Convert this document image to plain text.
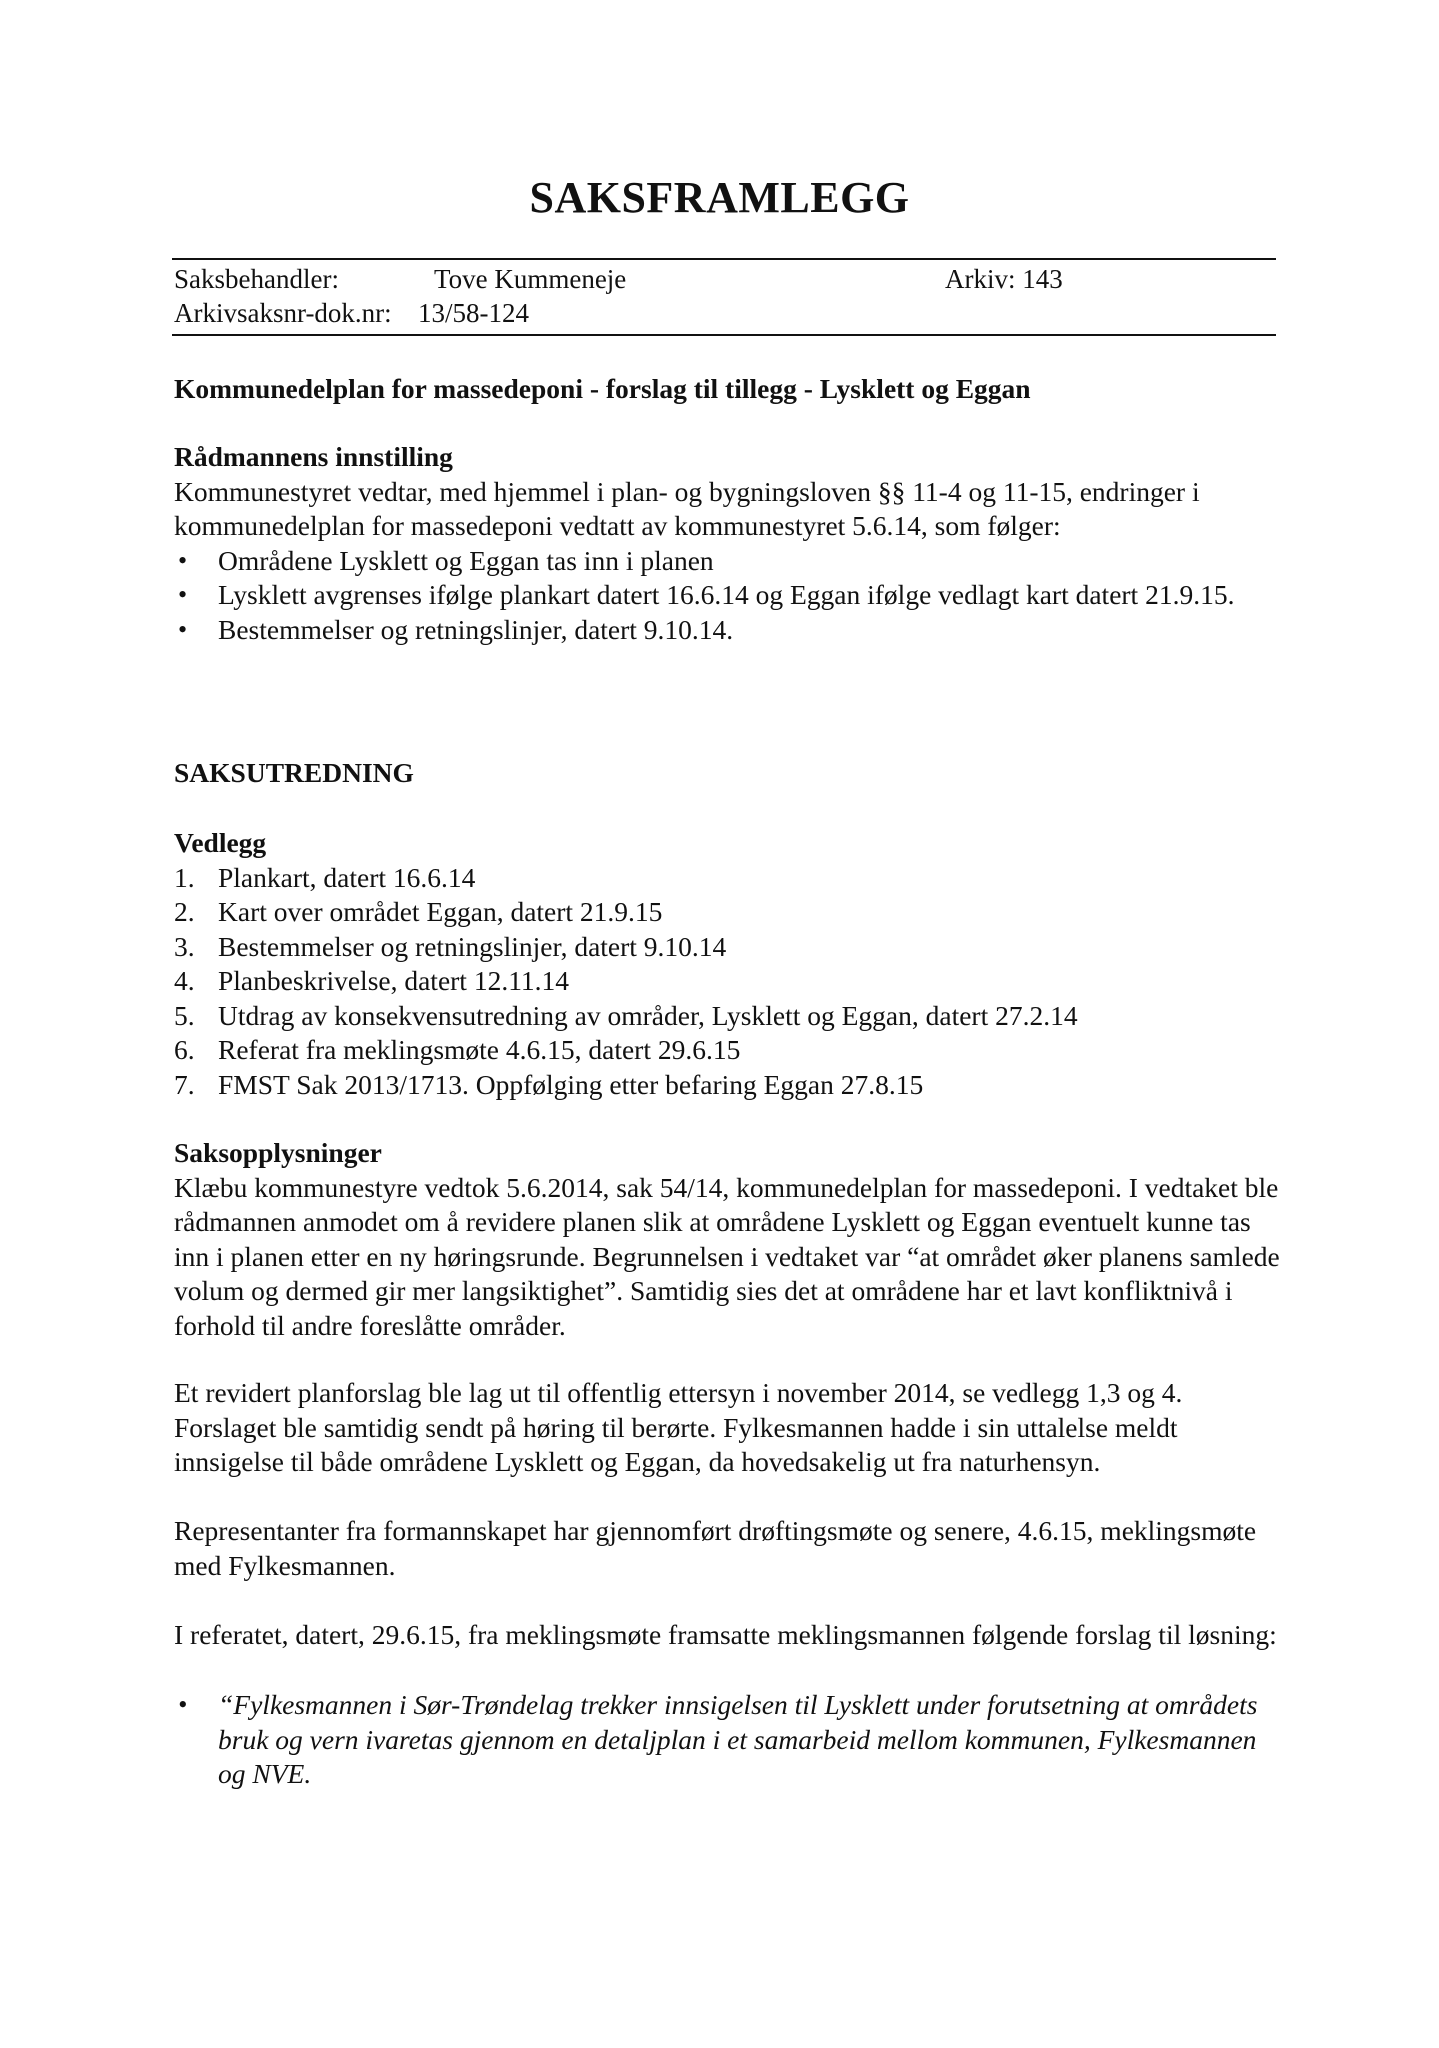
SAKSFRAMLEGG
Saksbehandler:	Tove Kummeneje	Arkiv: 143
Arkivsaksnr-dok.nr: 13/58-124
Kommunedelplan for massedeponi - forslag til tillegg - Lysklett og Eggan
Rådmannens innstilling

Kommunestyret vedtar, med hjemmel i plan- og bygningsloven §§ 11-4 og 11-15, endringer i kommunedelplan for massedeponi vedtatt av kommunestyret 5.6.14, som følger:

• Områdene Lysklett og Eggan tas inn i planen
• Lysklett avgrenses ifølge plankart datert 16.6.14 og Eggan ifølge vedlagt kart datert 21.9.15.
• Bestemmelser og retningslinjer, datert 9.10.14.
SAKSUTREDNING
Vedlegg
1. Plankart, datert 16.6.14
2. Kart over området Eggan, datert 21.9.15
3. Bestemmelser og retningslinjer, datert 9.10.14
4. Planbeskrivelse, datert 12.11.14
5. Utdrag av konsekvensutredning av områder, Lysklett og Eggan, datert 27.2.14
6. Referat fra meklingsmøte 4.6.15, datert 29.6.15
7. FMST Sak 2013/1713. Oppfølging etter befaring Eggan 27.8.15
Saksopplysninger

Klæbu kommunestyre vedtok 5.6.2014, sak 54/14, kommunedelplan for massedeponi. I vedtaket ble rådmannen anmodet om å revidere planen slik at områdene Lysklett og Eggan eventuelt kunne tas inn i planen etter en ny høringsrunde. Begrunnelsen i vedtaket var “at området øker planens samlede volum og dermed gir mer langsiktighet”. Samtidig sies det at områdene har et lavt konfliktnivå i forhold til andre foreslåtte områder.

Et revidert planforslag ble lag ut til offentlig ettersyn i november 2014, se vedlegg 1,3 og 4. Forslaget ble samtidig sendt på høring til berørte. Fylkesmannen hadde i sin uttalelse meldt innsigelse til både områdene Lysklett og Eggan, da hovedsakelig ut fra naturhensyn.
Representanter fra formannskapet har gjennomført drøftingsmøte og senere, 4.6.15, meklingsmøte med Fylkesmannen.
I referatet, datert, 29.6.15, fra meklingsmøte framsatte meklingsmannen følgende forslag til løsning:
• “Fylkesmannen i Sør-Trøndelag trekker innsigelsen til Lysklett under forutsetning at områdets bruk og vern ivaretas gjennom en detaljplan i et samarbeid mellom kommunen, Fylkesmannen og NVE.
